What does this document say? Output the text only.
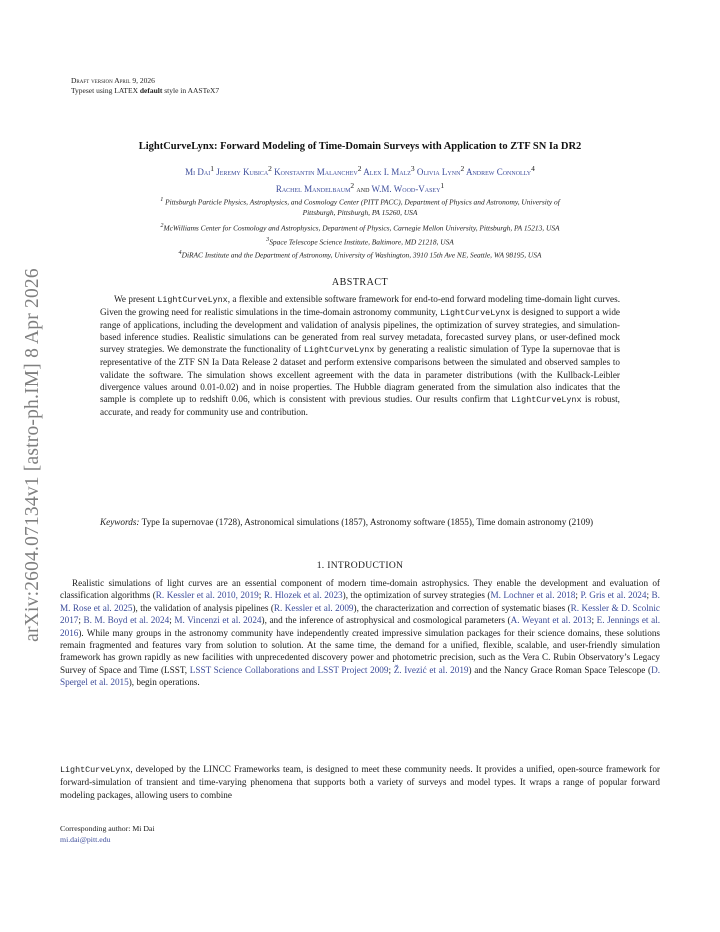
arXiv:2604.07134v1 [astro-ph.IM] 8 Apr 2026
Draft version April 9, 2026
Typeset using LATEX default style in AASTeX7
LightCurveLynx: Forward Modeling of Time-Domain Surveys with Application to ZTF SN Ia DR2
Mi Dai$^1$ Jeremy Kubica$^2$ Konstantin Malanchev$^2$ Alex I. Malz$^3$ Olivia Lynn$^2$ Andrew Connolly$^4$
Rachel Mandelbaum$^2$ and W.M. Wood-Vasey$^1$
$^1$ Pittsburgh Particle Physics, Astrophysics, and Cosmology Center (PITT PACC), Department of Physics and Astronomy, University of
Pittsburgh, Pittsburgh, PA 15260, USA
$^2$McWilliams Center for Cosmology and Astrophysics, Department of Physics, Carnegie Mellon University, Pittsburgh, PA 15213, USA
$^3$Space Telescope Science Institute, Baltimore, MD 21218, USA
$^4$DiRAC Institute and the Department of Astronomy, University of Washington, 3910 15th Ave NE, Seattle, WA 98195, USA
ABSTRACT
We present LightCurveLynx, a flexible and extensible software framework for end-to-end forward modeling time-domain light curves. Given the growing need for realistic simulations in the time-domain astronomy community, LightCurveLynx is designed to support a wide range of applications, including the development and validation of analysis pipelines, the optimization of survey strategies, and simulation-based inference studies. Realistic simulations can be generated from real survey metadata, forecasted survey plans, or user-defined mock survey strategies. We demonstrate the functionality of LightCurveLynx by generating a realistic simulation of Type Ia supernovae that is representative of the ZTF SN Ia Data Release 2 dataset and perform extensive comparisons between the simulated and observed samples to validate the software. The simulation shows excellent agreement with the data in parameter distributions (with the Kullback-Leibler divergence values around 0.01-0.02) and in noise properties. The Hubble diagram generated from the simulation also indicates that the sample is complete up to redshift 0.06, which is consistent with previous studies. Our results confirm that LightCurveLynx is robust, accurate, and ready for community use and contribution.
Keywords: Type Ia supernovae (1728), Astronomical simulations (1857), Astronomy software (1855), Time domain astronomy (2109)
1. INTRODUCTION
Realistic simulations of light curves are an essential component of modern time-domain astrophysics. They enable the development and evaluation of classification algorithms (R. Kessler et al. 2010, 2019; R. Hlozek et al. 2023), the optimization of survey strategies (M. Lochner et al. 2018; P. Gris et al. 2024; B. M. Rose et al. 2025), the validation of analysis pipelines (R. Kessler et al. 2009), the characterization and correction of systematic biases (R. Kessler & D. Scolnic 2017; B. M. Boyd et al. 2024; M. Vincenzi et al. 2024), and the inference of astrophysical and cosmological parameters (A. Weyant et al. 2013; E. Jennings et al. 2016). While many groups in the astronomy community have independently created impressive simulation packages for their science domains, these solutions remain fragmented and features vary from solution to solution. At the same time, the demand for a unified, flexible, scalable, and user-friendly simulation framework has grown rapidly as new facilities with unprecedented discovery power and photometric precision, such as the Vera C. Rubin Observatory’s Legacy Survey of Space and Time (LSST, LSST Science Collaborations and LSST Project 2009; Ž. Ivezić et al. 2019) and the Nancy Grace Roman Space Telescope (D. Spergel et al. 2015), begin operations.
LightCurveLynx, developed by the LINCC Frameworks team, is designed to meet these community needs. It provides a unified, open-source framework for forward-simulation of transient and time-varying phenomena that supports both a variety of surveys and model types. It wraps a range of popular forward modeling packages, allowing users to combine
Corresponding author: Mi Dai
mi.dai@pitt.edu
